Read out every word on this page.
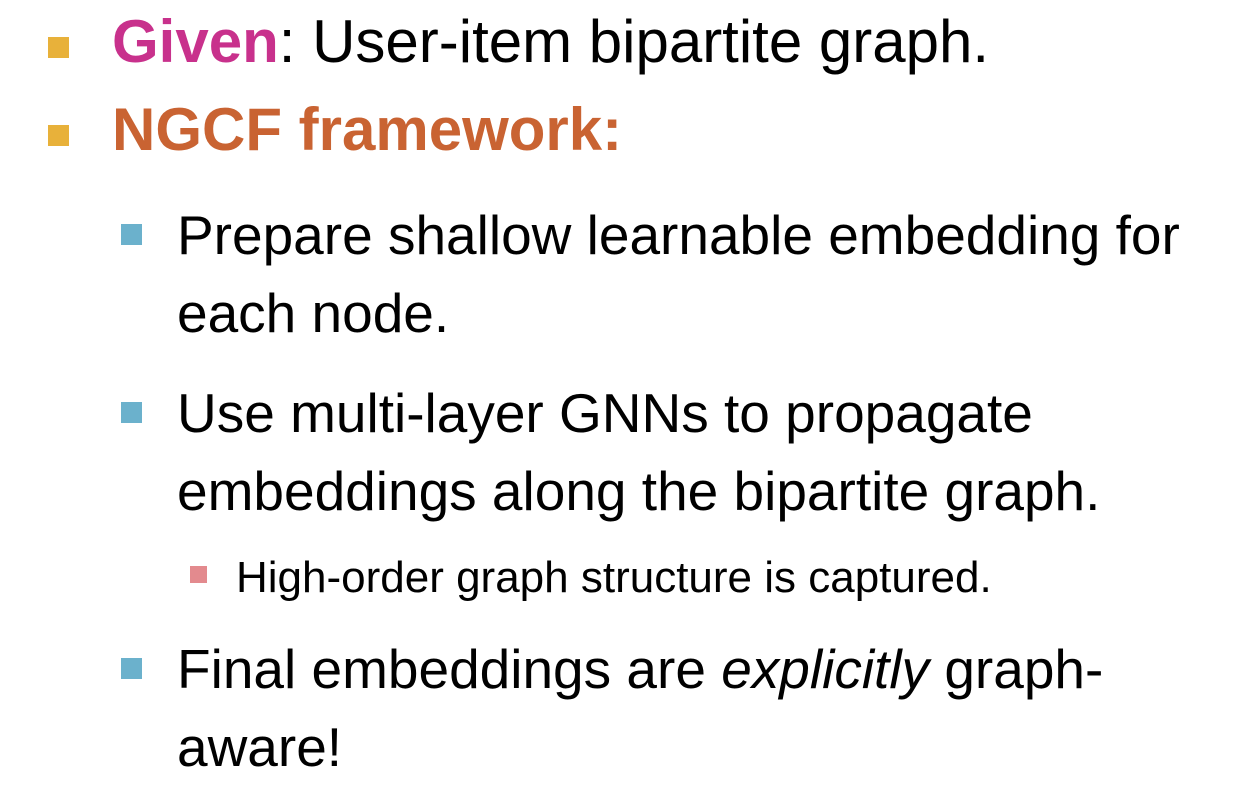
Given: User-item bipartite graph.
NGCF framework:
Prepare shallow learnable embedding for each node.
Use multi-layer GNNs to propagate embeddings along the bipartite graph.
High-order graph structure is captured.
Final embeddings are explicitly graph-aware!
